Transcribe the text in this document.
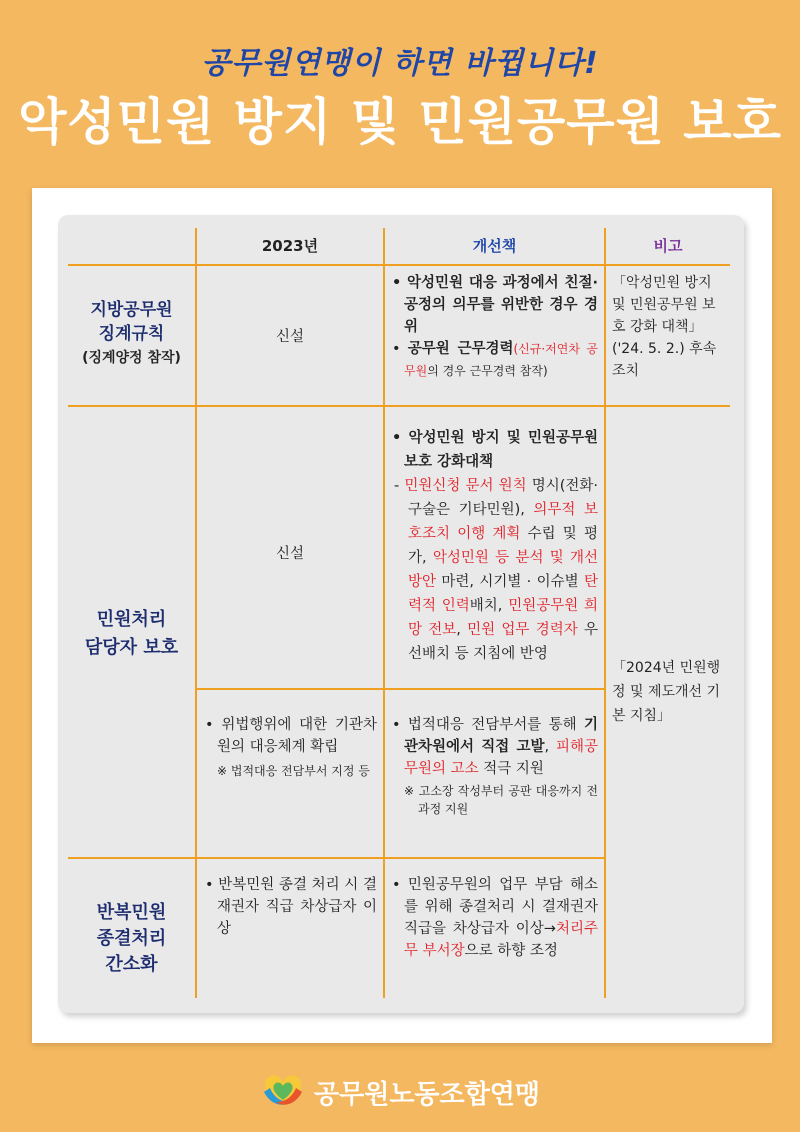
공무원연맹이 하면 바뀝니다!
악성민원 방지 및 민원공무원 보호
2023년	개선책	비고
지방공무원
징계규칙
(징계양정 참작)
신설
• 악성민원 대응 과정에서 친절·공정의 의무를 위반한 경우 경위
• 공무원 근무경력(신규·저연차 공무원의 경우 근무경력 참작)
「악성민원 방지 및 민원공무원 보호 강화 대책」('24. 5. 2.) 후속 조치
민원처리
담당자 보호
신설
• 악성민원 방지 및 민원공무원 보호 강화대책
- 민원신청 문서 원칙 명시(전화·구술은 기타민원), 의무적 보호조치 이행 계획 수립 및 평가, 악성민원 등 분석 및 개선방안 마련, 시기별 · 이슈별 탄력적 인력배치, 민원공무원 희망 전보, 민원 업무 경력자 우선배치 등 지침에 반영
• 위법행위에 대한 기관차원의 대응체계 확립
※ 법적대응 전담부서 지정 등
• 법적대응 전담부서를 통해 기관차원에서 직접 고발, 피해공무원의 고소 적극 지원
※ 고소장 작성부터 공판 대응까지 전 과정 지원
「2024년 민원행정 및 제도개선 기본 지침」
반복민원
종결처리
간소화
• 반복민원 종결 처리 시 결재권자 직급 차상급자 이상
• 민원공무원의 업무 부담 해소를 위해 종결처리 시 결재권자 직급을 차상급자 이상→처리주무 부서장으로 하향 조정
공무원노동조합연맹
